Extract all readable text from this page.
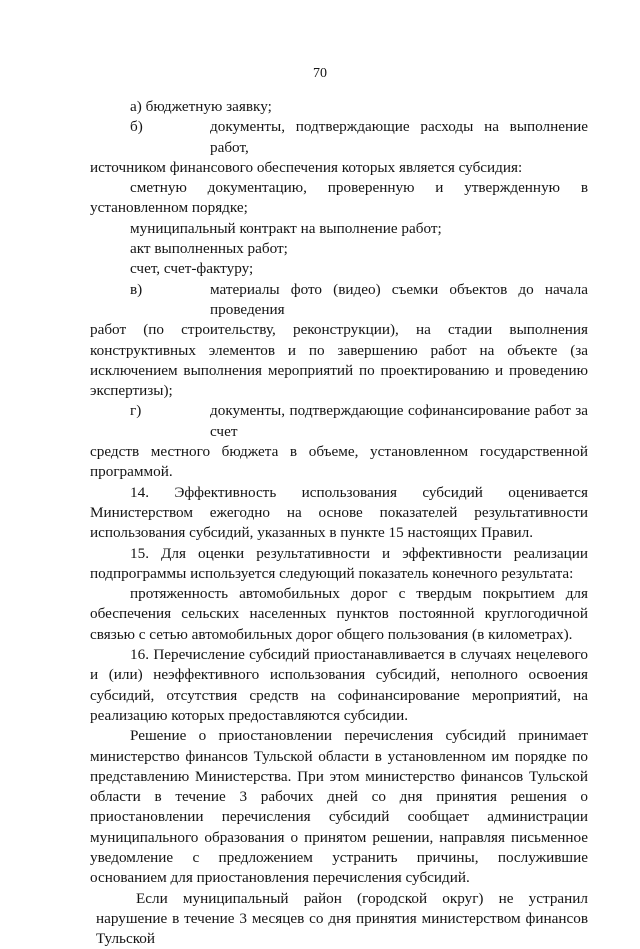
70

а) бюджетную заявку;

б)	документы, подтверждающие расходы на выполнение работ,

источником финансового обеспечения которых является субсидия:

сметную документацию, проверенную и утвержденную в

установленном порядке;

муниципальный контракт на выполнение работ;

акт выполненных работ;

счет, счет-фактуру;

в)	материалы фото (видео) съемки объектов до начала проведения

работ (по строительству, реконструкции), на стадии выполнения конструктивных элементов и по завершению работ на объекте (за исключением выполнения мероприятий по проектированию и проведению экспертизы);

г)	документы, подтверждающие софинансирование работ за счет

средств местного бюджета в объеме, установленном государственной программой.

14. Эффективность использования субсидий оценивается Министерством ежегодно на основе показателей результативности использования субсидий, указанных в пункте 15 настоящих Правил.

15. Для оценки результативности и эффективности реализации подпрограммы используется следующий показатель конечного результата:

протяженность автомобильных дорог с твердым покрытием для обеспечения сельских населенных пунктов постоянной круглогодичной связью с сетью автомобильных дорог общего пользования (в километрах).

16. Перечисление субсидий приостанавливается в случаях нецелевого и (или) неэффективного использования субсидий, неполного освоения субсидий, отсутствия средств на софинансирование мероприятий, на реализацию которых предоставляются субсидии.

Решение о приостановлении перечисления субсидий принимает министерство финансов Тульской области в установленном им порядке по представлению Министерства. При этом министерство финансов Тульской области в течение 3 рабочих дней со дня принятия решения о приостановлении перечисления субсидий сообщает администрации муниципального образования о принятом решении, направляя письменное уведомление с предложением устранить причины, послужившие основанием для приостановления перечисления субсидий.

Если муниципальный район (городской округ) не устранил нарушение в течение 3 месяцев со дня принятия министерством финансов Тульской
